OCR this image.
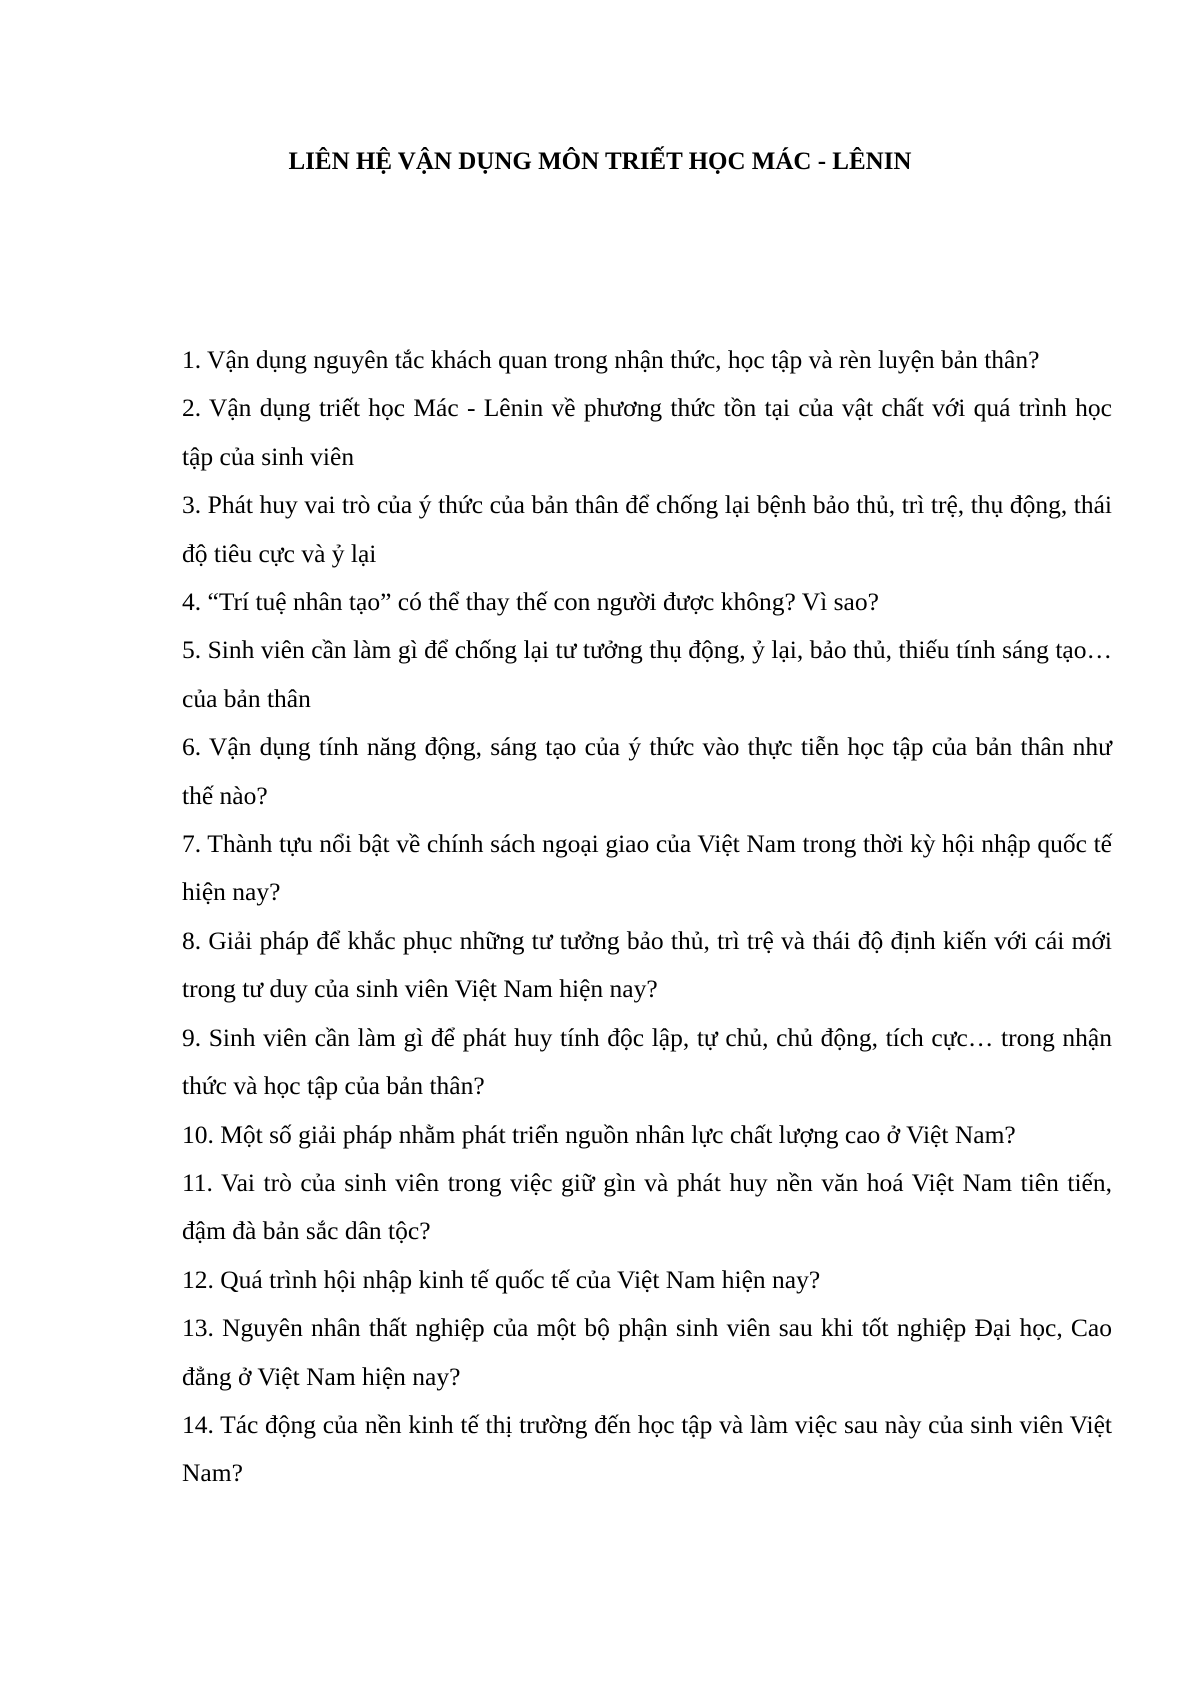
LIÊN HỆ VẬN DỤNG MÔN TRIẾT HỌC MÁC - LÊNIN
1. Vận dụng nguyên tắc khách quan trong nhận thức, học tập và rèn luyện bản thân?
2. Vận dụng triết học Mác - Lênin về phương thức tồn tại của vật chất với quá trình học tập của sinh viên
3. Phát huy vai trò của ý thức của bản thân để chống lại bệnh bảo thủ, trì trệ, thụ động, thái độ tiêu cực và ỷ lại
4. “Trí tuệ nhân tạo” có thể thay thế con người được không? Vì sao?
5. Sinh viên cần làm gì để chống lại tư tưởng thụ động, ỷ lại, bảo thủ, thiếu tính sáng tạo… của bản thân
6. Vận dụng tính năng động, sáng tạo của ý thức vào thực tiễn học tập của bản thân như thế nào?
7. Thành tựu nổi bật về chính sách ngoại giao của Việt Nam trong thời kỳ hội nhập quốc tế hiện nay?
8. Giải pháp để khắc phục những tư tưởng bảo thủ, trì trệ và thái độ định kiến với cái mới trong tư duy của sinh viên Việt Nam hiện nay?
9. Sinh viên cần làm gì để phát huy tính độc lập, tự chủ, chủ động, tích cực… trong nhận thức và học tập của bản thân?
10. Một số giải pháp nhằm phát triển nguồn nhân lực chất lượng cao ở Việt Nam?
11. Vai trò của sinh viên trong việc giữ gìn và phát huy nền văn hoá Việt Nam tiên tiến, đậm đà bản sắc dân tộc?
12. Quá trình hội nhập kinh tế quốc tế của Việt Nam hiện nay?
13. Nguyên nhân thất nghiệp của một bộ phận sinh viên sau khi tốt nghiệp Đại học, Cao đẳng ở Việt Nam hiện nay?
14. Tác động của nền kinh tế thị trường đến học tập và làm việc sau này của sinh viên Việt Nam?
